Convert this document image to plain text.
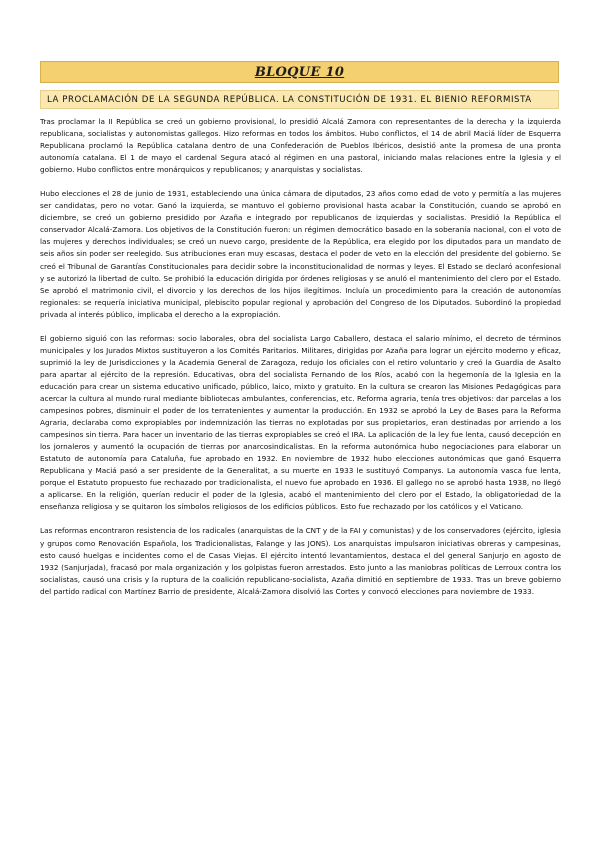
BLOQUE 10
LA PROCLAMACIÓN DE LA SEGUNDA REPÚBLICA. LA CONSTITUCIÓN DE 1931. EL BIENIO REFORMISTA

Tras proclamar la II República se creó un gobierno provisional, lo presidió Alcalá Zamora con representantes de la derecha y la izquierda republicana, socialistas y autonomistas gallegos. Hizo reformas en todos los ámbitos. Hubo conflictos, el 14 de abril Maciá líder de Esquerra Republicana proclamó la República catalana dentro de una Confederación de Pueblos Ibéricos, desistió ante la promesa de una pronta autonomía catalana. El 1 de mayo el cardenal Segura atacó al régimen en una pastoral, iniciando malas relaciones entre la Iglesia y el gobierno. Hubo conflictos entre monárquicos y republicanos; y anarquistas y socialistas.

Hubo elecciones el 28 de junio de 1931, estableciendo una única cámara de diputados, 23 años como edad de voto y permitía a las mujeres ser candidatas, pero no votar. Ganó la izquierda, se mantuvo el gobierno provisional hasta acabar la Constitución, cuando se aprobó en diciembre, se creó un gobierno presidido por Azaña e integrado por republicanos de izquierdas y socialistas. Presidió la República el conservador Alcalá-Zamora. Los objetivos de la Constitución fueron: un régimen democrático basado en la soberanía nacional, con el voto de las mujeres y derechos individuales; se creó un nuevo cargo, presidente de la República, era elegido por los diputados para un mandato de seis años sin poder ser reelegido. Sus atribuciones eran muy escasas, destaca el poder de veto en la elección del presidente del gobierno. Se creó el Tribunal de Garantías Constitucionales para decidir sobre la inconstitucionalidad de normas y leyes. El Estado se declaró aconfesional y se autorizó la libertad de culto. Se prohibió la educación dirigida por órdenes religiosas y se anuló el mantenimiento del clero por el Estado. Se aprobó el matrimonio civil, el divorcio y los derechos de los hijos ilegítimos. Incluía un procedimiento para la creación de autonomías regionales: se requería iniciativa municipal, plebiscito popular regional y aprobación del Congreso de los Diputados. Subordinó la propiedad privada al interés público, implicaba el derecho a la expropiación.

El gobierno siguió con las reformas: socio laborales, obra del socialista Largo Caballero, destaca el salario mínimo, el decreto de términos municipales y los Jurados Mixtos sustituyeron a los Comités Paritarios. Militares, dirigidas por Azaña para lograr un ejército moderno y eficaz, suprimió la ley de Jurisdicciones y la Academia General de Zaragoza, redujo los oficiales con el retiro voluntario y creó la Guardia de Asalto para apartar al ejército de la represión. Educativas, obra del socialista Fernando de los Ríos, acabó con la hegemonía de la Iglesia en la educación para crear un sistema educativo unificado, público, laico, mixto y gratuito. En la cultura se crearon las Misiones Pedagógicas para acercar la cultura al mundo rural mediante bibliotecas ambulantes, conferencias, etc. Reforma agraria, tenía tres objetivos: dar parcelas a los campesinos pobres, disminuir el poder de los terratenientes y aumentar la producción. En 1932 se aprobó la Ley de Bases para la Reforma Agraria, declaraba como expropiables por indemnización las tierras no explotadas por sus propietarios, eran destinadas por arriendo a los campesinos sin tierra. Para hacer un inventario de las tierras expropiables se creó el IRA. La aplicación de la ley fue lenta, causó decepción en los jornaleros y aumentó la ocupación de tierras por anarcosindicalistas. En la reforma autonómica hubo negociaciones para elaborar un Estatuto de autonomía para Cataluña, fue aprobado en 1932. En noviembre de 1932 hubo elecciones autonómicas que ganó Esquerra Republicana y Maciá pasó a ser presidente de la Generalitat, a su muerte en 1933 le sustituyó Companys. La autonomía vasca fue lenta, porque el Estatuto propuesto fue rechazado por tradicionalista, el nuevo fue aprobado en 1936. El gallego no se aprobó hasta 1938, no llegó a aplicarse. En la religión, querían reducir el poder de la Iglesia, acabó el mantenimiento del clero por el Estado, la obligatoriedad de la enseñanza religiosa y se quitaron los símbolos religiosos de los edificios públicos. Esto fue rechazado por los católicos y el Vaticano.

Las reformas encontraron resistencia de los radicales (anarquistas de la CNT y de la FAI y comunistas) y de los conservadores (ejército, iglesia y grupos como Renovación Española, los Tradicionalistas, Falange y las JONS). Los anarquistas impulsaron iniciativas obreras y campesinas, esto causó huelgas e incidentes como el de Casas Viejas. El ejército intentó levantamientos, destaca el del general Sanjurjo en agosto de 1932 (Sanjurjada), fracasó por mala organización y los golpistas fueron arrestados. Esto junto a las maniobras políticas de Lerroux contra los socialistas, causó una crisis y la ruptura de la coalición republicano-socialista, Azaña dimitió en septiembre de 1933. Tras un breve gobierno del partido radical con Martínez Barrio de presidente, Alcalá-Zamora disolvió las Cortes y convocó elecciones para noviembre de 1933.
